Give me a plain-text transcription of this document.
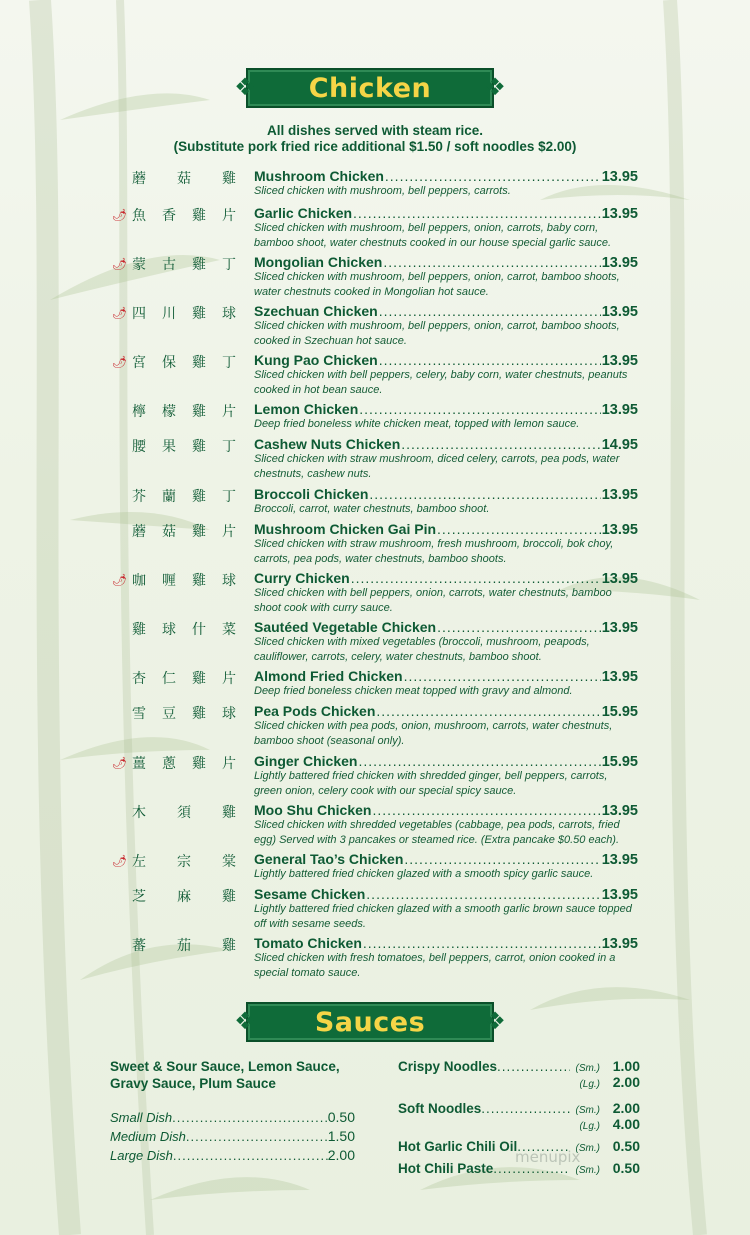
❖	❖
Chicken
All dishes served with steam rice.
(Substitute pork fried rice additional $1.50 / soft noodles $2.00)
蘑 菇 雞 Mushroom Chicken .....	13.95
Sliced chicken with mushroom, bell peppers, carrots.
🌶 魚 香 雞 片 Garlic Chicken .....	13.95
Sliced chicken with mushroom, bell peppers, onion, carrots, baby corn, bamboo shoot, water chestnuts cooked in our house special garlic sauce.
🌶 蒙 古 雞 丁 Mongolian Chicken .....	13.95
Sliced chicken with mushroom, bell peppers, onion, carrot, bamboo shoots, water chestnuts cooked in Mongolian hot sauce.
🌶 四 川 雞 球 Szechuan Chicken .....	13.95
Sliced chicken with mushroom, bell peppers, onion, carrot, bamboo shoots, cooked in Szechuan hot sauce.
🌶 宮 保 雞 丁 Kung Pao Chicken .....	13.95
Sliced chicken with bell peppers, celery, baby corn, water chestnuts, peanuts cooked in hot bean sauce.
檸 檬 雞 片 Lemon Chicken .....	13.95
Deep fried boneless white chicken meat, topped with lemon sauce.
腰 果 雞 丁 Cashew Nuts Chicken .....	14.95
Sliced chicken with straw mushroom, diced celery, carrots, pea pods, water chestnuts, cashew nuts.
芥 蘭 雞 丁 Broccoli Chicken .....	13.95
Broccoli, carrot, water chestnuts, bamboo shoot.
蘑 菇 雞 片 Mushroom Chicken Gai Pin .....	13.95
Sliced chicken with straw mushroom, fresh mushroom, broccoli, bok choy, carrots, pea pods, water chestnuts, bamboo shoots.
🌶 咖 喱 雞 球 Curry Chicken .....	13.95
Sliced chicken with bell peppers, onion, carrots, water chestnuts, bamboo shoot cook with curry sauce.
雞 球 什 菜 Sautéed Vegetable Chicken .....	13.95
Sliced chicken with mixed vegetables (broccoli, mushroom, peapods, cauliflower, carrots, celery, water chestnuts, bamboo shoot.
杏 仁 雞 片 Almond Fried Chicken .....	13.95
Deep fried boneless chicken meat topped with gravy and almond.
雪 豆 雞 球 Pea Pods Chicken .....	15.95
Sliced chicken with pea pods, onion, mushroom, carrots, water chestnuts, bamboo shoot (seasonal only).
🌶 薑 蔥 雞 片 Ginger Chicken .....	15.95
Lightly battered fried chicken with shredded ginger, bell peppers, carrots, green onion, celery cook with our special spicy sauce.
木 須 雞 Moo Shu Chicken .....	13.95
Sliced chicken with shredded vegetables (cabbage, pea pods, carrots, fried egg) Served with 3 pancakes or steamed rice. (Extra pancake $0.50 each).
🌶 左 宗 棠 General Tao’s Chicken .....	13.95
Lightly battered fried chicken glazed with a smooth spicy garlic sauce.
芝 麻 雞 Sesame Chicken .....	13.95
Lightly battered fried chicken glazed with a smooth garlic brown sauce topped off with sesame seeds.
蕃 茄 雞 Tomato Chicken .....	13.95
Sliced chicken with fresh tomatoes, bell peppers, carrot, onion cooked in a special tomato sauce.
❖	❖
Sauces
Sweet & Sour Sauce, Lemon Sauce, Gravy Sauce, Plum Sauce
Small Dish .....	0.50
Medium Dish .....	1.50
Large Dish .....	2.00
Crispy Noodles .....	(Sm.) 1.00
(Lg.) 2.00
Soft Noodles .....	(Sm.) 2.00
(Lg.) 4.00
Hot Garlic Chili Oil .....	(Sm.) 0.50
Hot Chili Paste .....	(Sm.) 0.50
menupix
